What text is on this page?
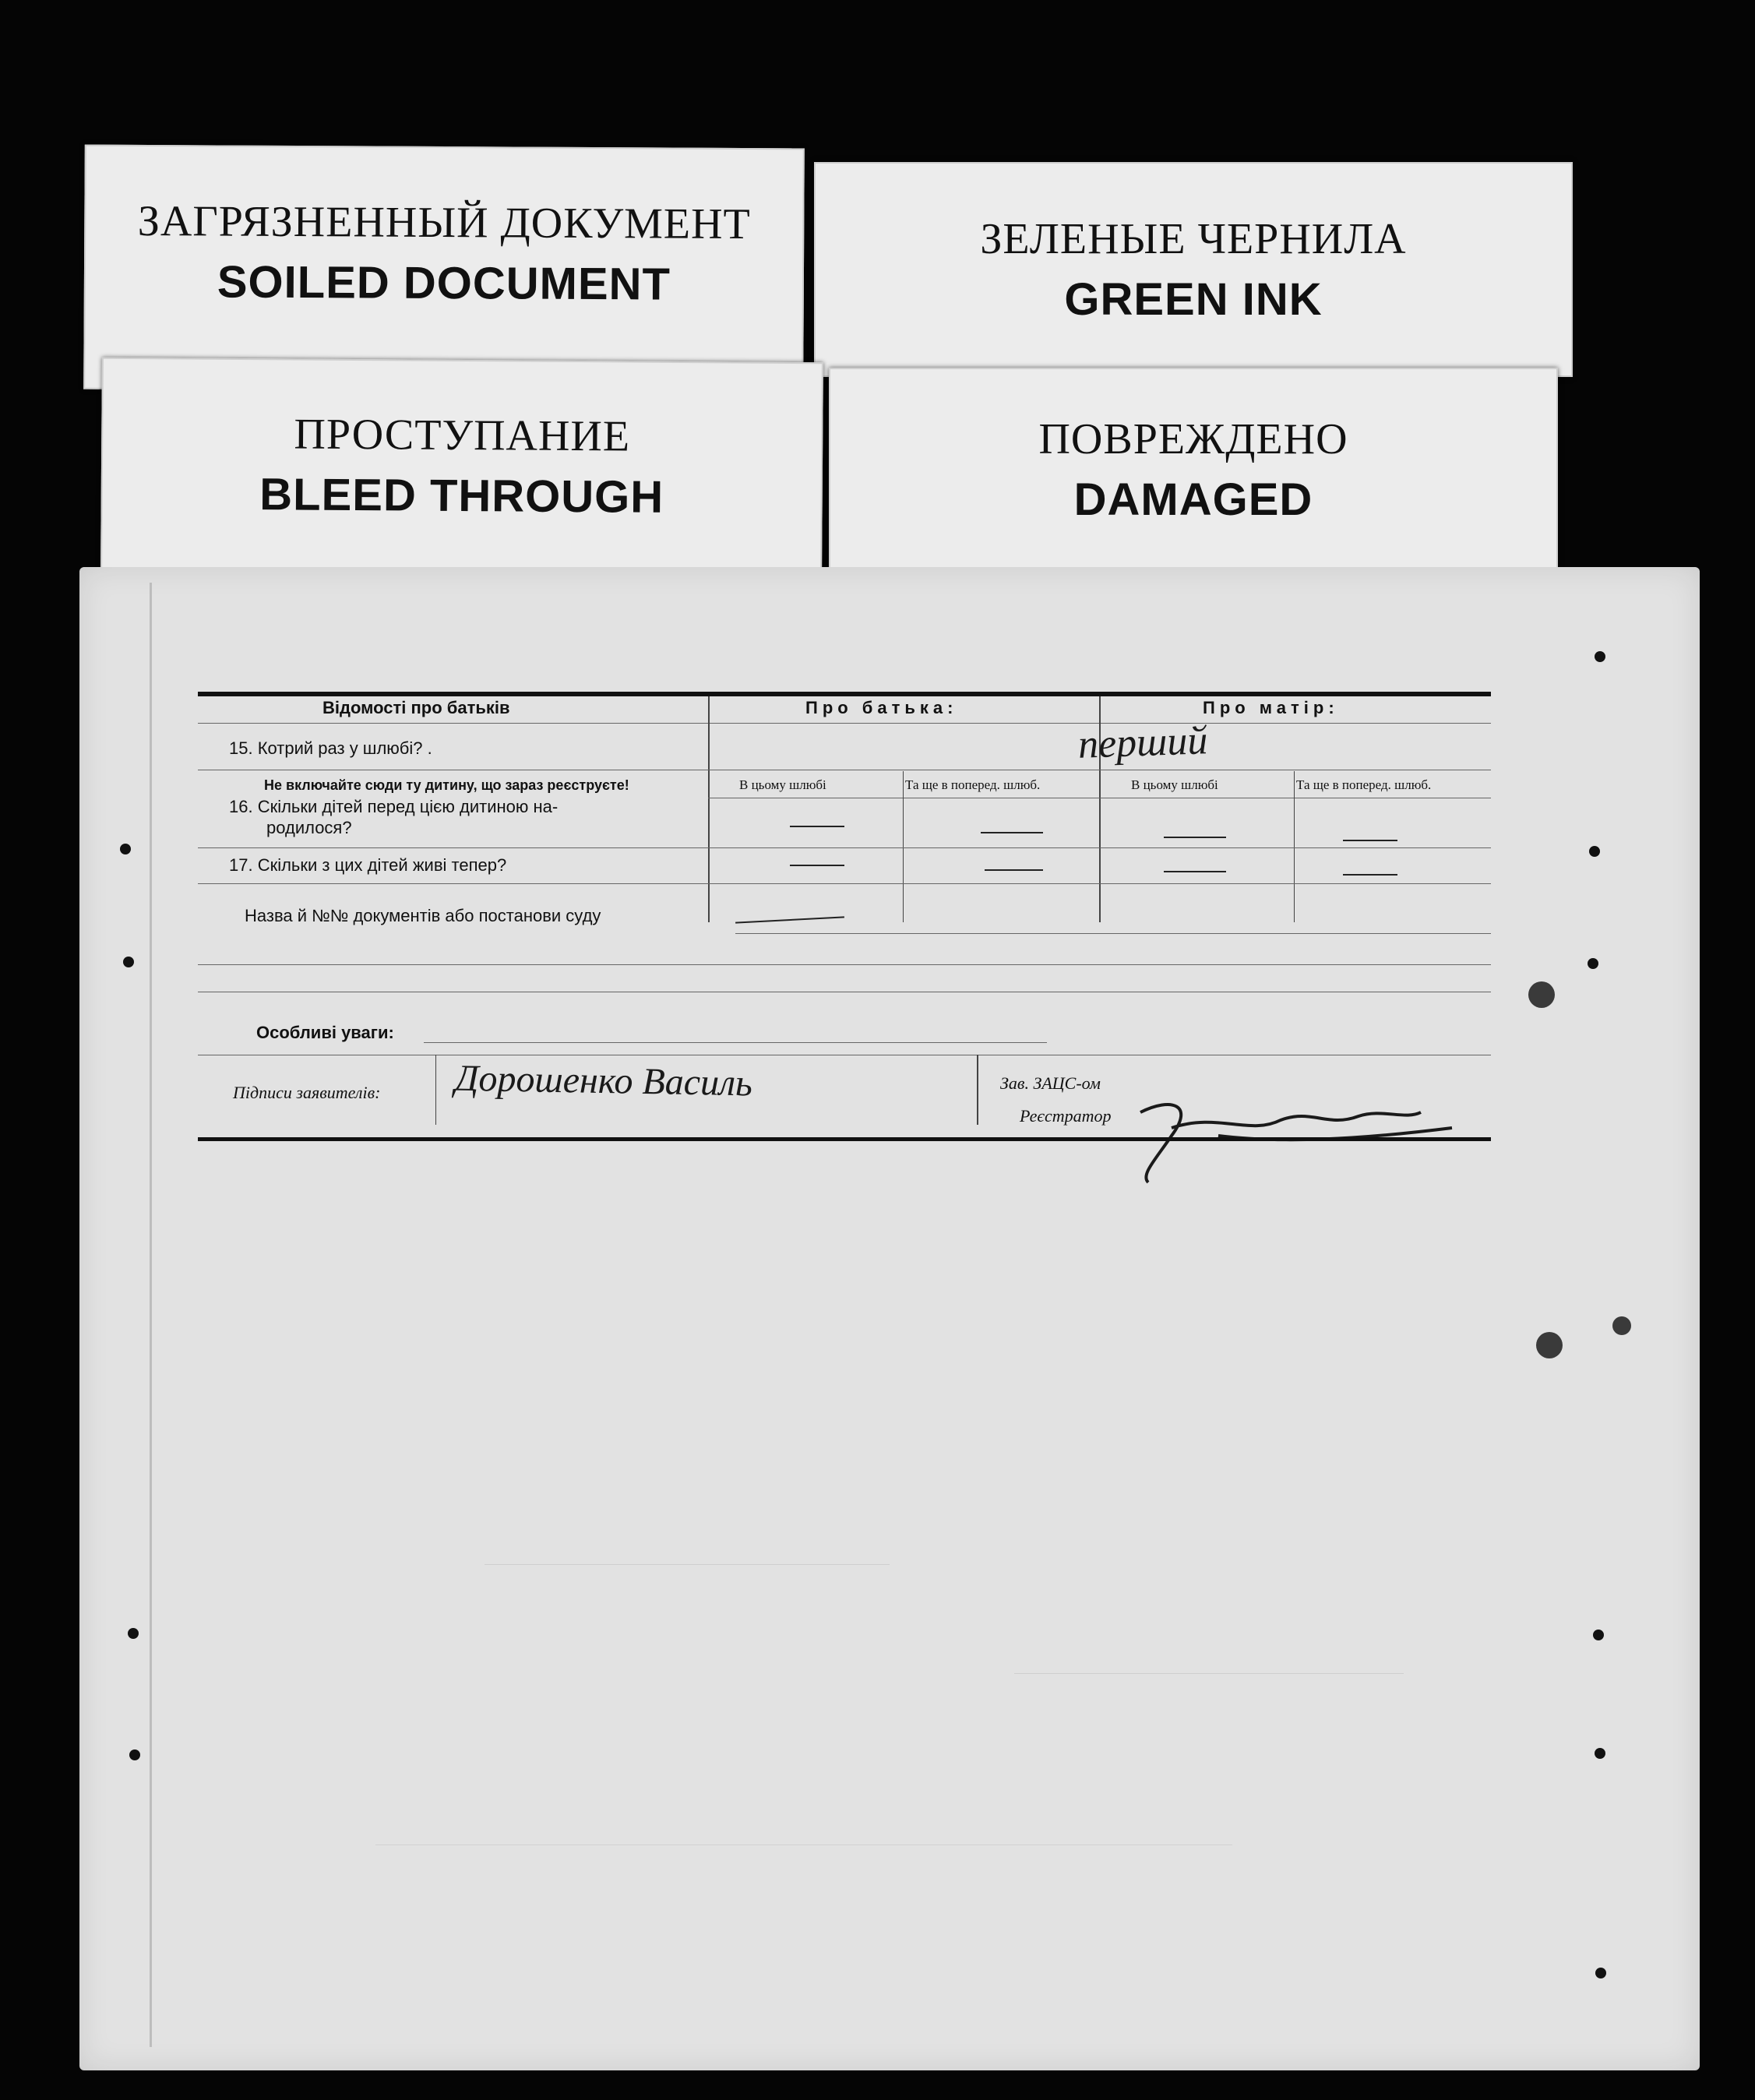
ЗАГРЯЗНЕННЫЙ ДОКУМЕНТ
SOILED DOCUMENT
ЗЕЛЕНЫЕ ЧЕРНИЛА
GREEN INK
ПРОСТУПАНИЕ
BLEED THROUGH
ПОВРЕЖДЕНО
DAMAGED
Відомості про батьків	Про батька:	Про матір:
15. Котрий раз у шлюбі? .	перший
Не включайте сюди ту дитину, що зараз реєструєте!
16. Скільки дітей перед цією дитиною на-
родилося?
В цьому шлюбі	Та ще в поперед. шлюб.	В цьому шлюбі	Та ще в поперед. шлюб.
17. Скільки з цих дітей живі тепер?
Назва й №№ документів або постанови суду
Особливі уваги:
Підписи заявителів: Дорошенко Василь	Зав. ЗАЦС-ом
Реєстратор
